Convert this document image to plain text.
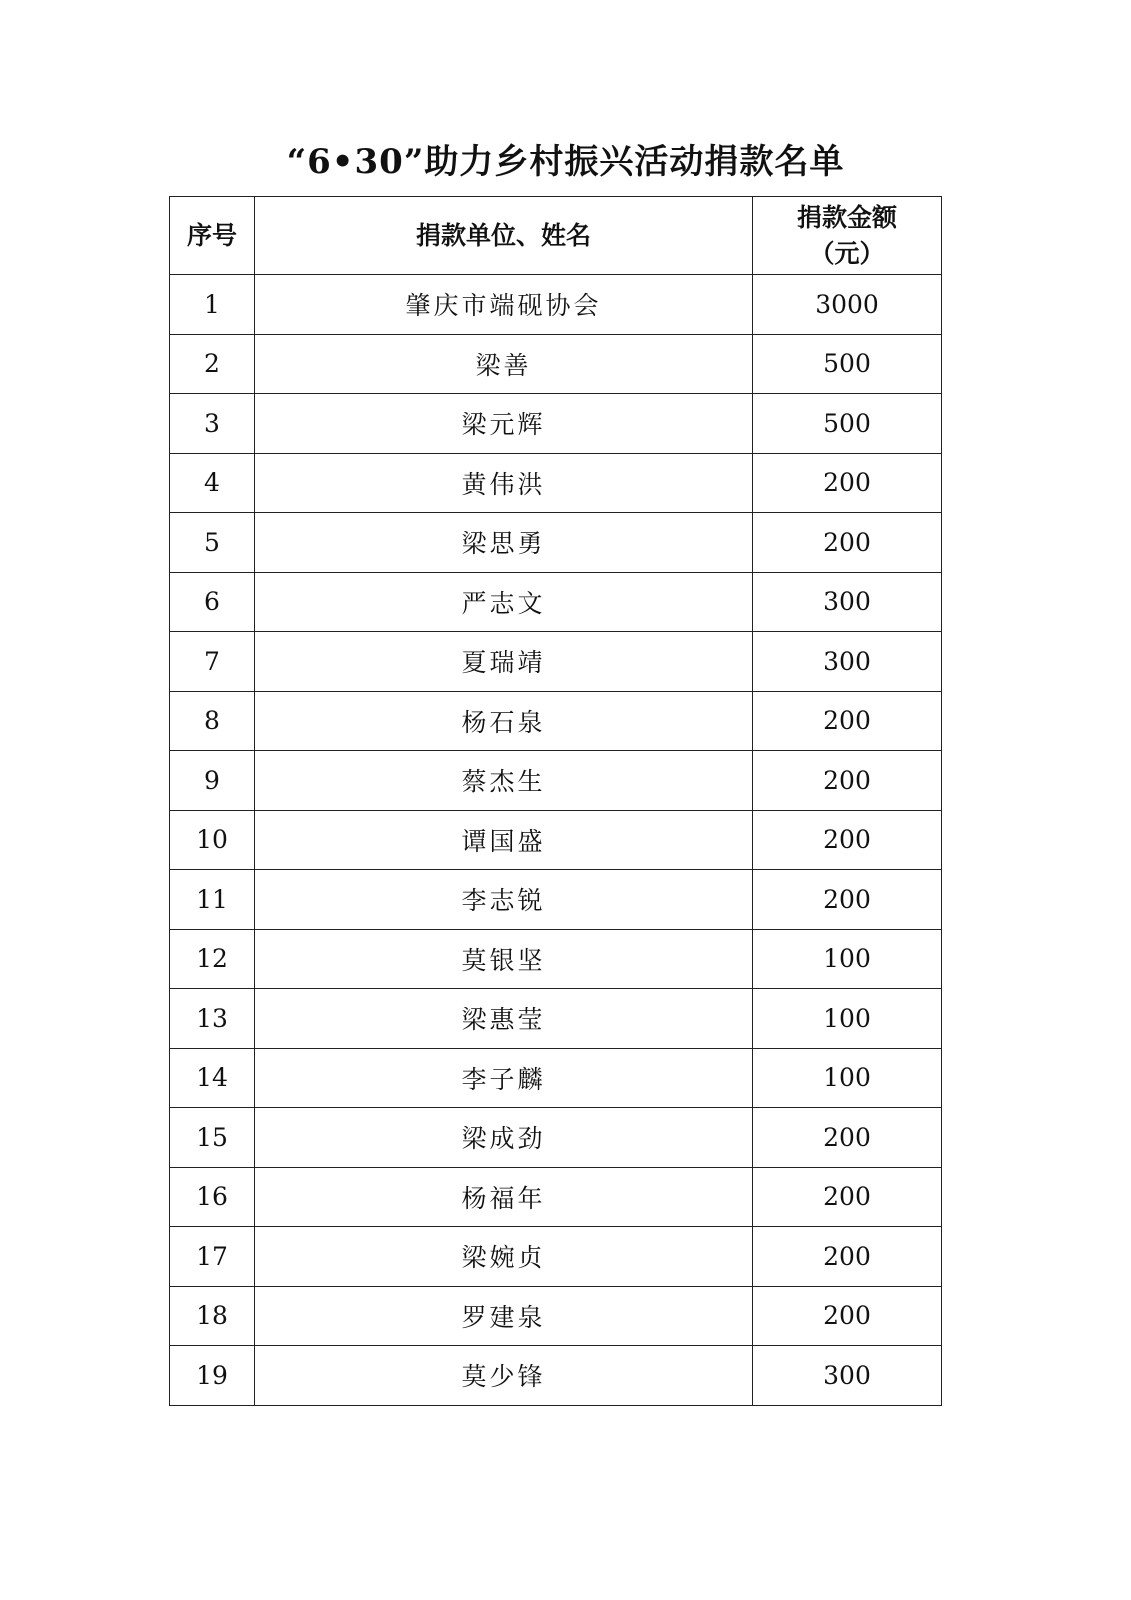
“6•30”助力乡村振兴活动捐款名单
序号	捐款单位、姓名	捐款金额
（元）

1	肇庆市端砚协会	3000
2	梁善	500
3	梁元辉	500
4	黄伟洪	200
5	梁思勇	200
6	严志文	300
7	夏瑞靖	300
8	杨石泉	200
9	蔡杰生	200
10	谭国盛	200
11	李志锐	200
12	莫银坚	100
13	梁惠莹	100
14	李子麟	100
15	梁成劲	200
16	杨福年	200
17	梁婉贞	200
18	罗建泉	200
19	莫少锋	300
